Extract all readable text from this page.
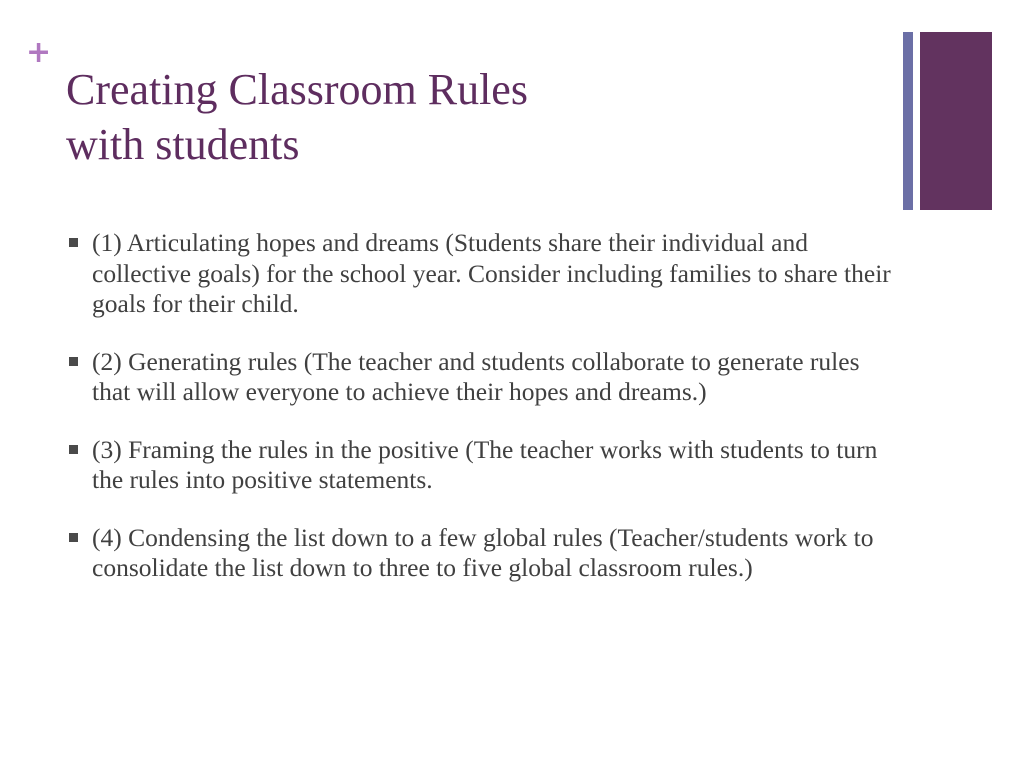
+
Creating Classroom Rules
with students
(1) Articulating hopes and dreams (Students share their individual and collective goals) for the school year. Consider including families to share their goals for their child.
(2) Generating rules (The teacher and students collaborate to generate rules that will allow everyone to achieve their hopes and dreams.)
(3) Framing the rules in the positive (The teacher works with students to turn the rules into positive statements.
(4) Condensing the list down to a few global rules (Teacher/students work to consolidate the list down to three to five global classroom rules.)
